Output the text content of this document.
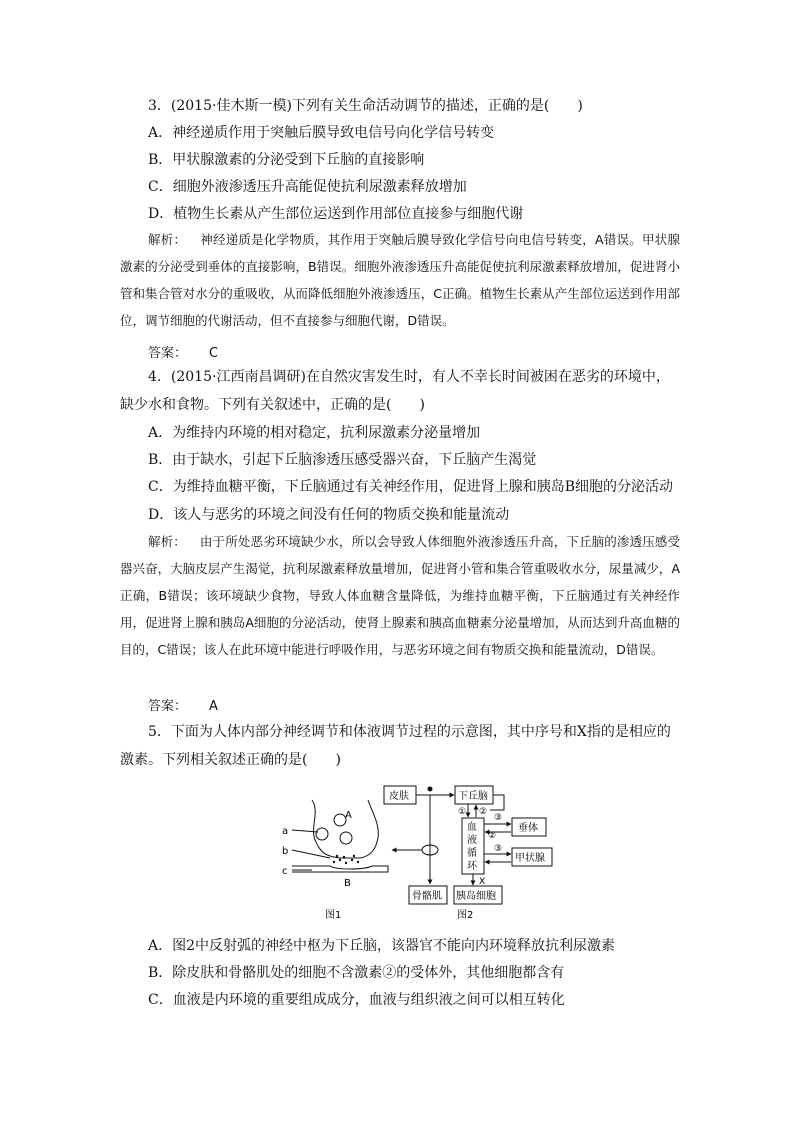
3．(2015·佳木斯一模)下列有关生命活动调节的描述，正确的是(　　)
A．神经递质作用于突触后膜导致电信号向化学信号转变
B．甲状腺激素的分泌受到下丘脑的直接影响
C．细胞外液渗透压升高能促使抗利尿激素释放增加
D．植物生长素从产生部位运送到作用部位直接参与细胞代谢
解析： 神经递质是化学物质，其作用于突触后膜导致化学信号向电信号转变，A错误。甲状腺激素的分泌受到垂体的直接影响，B错误。细胞外液渗透压升高能促使抗利尿激素释放增加，促进肾小管和集合管对水分的重吸收，从而降低细胞外液渗透压，C正确。植物生长素从产生部位运送到作用部位，调节细胞的代谢活动，但不直接参与细胞代谢，D错误。
答案： C
4．(2015·江西南昌调研)在自然灾害发生时，有人不幸长时间被困在恶劣的环境中，缺少水和食物。下列有关叙述中，正确的是(　　)
A．为维持内环境的相对稳定，抗利尿激素分泌量增加
B．由于缺水，引起下丘脑渗透压感受器兴奋，下丘脑产生渴觉
C．为维持血糖平衡，下丘脑通过有关神经作用，促进肾上腺和胰岛B细胞的分泌活动
D．该人与恶劣的环境之间没有任何的物质交换和能量流动
解析： 由于所处恶劣环境缺少水，所以会导致人体细胞外液渗透压升高，下丘脑的渗透压感受器兴奋，大脑皮层产生渴觉，抗利尿激素释放量增加，促进肾小管和集合管重吸收水分，尿量减少，A正确，B错误；该环境缺少食物，导致人体血糖含量降低，为维持血糖平衡，下丘脑通过有关神经作用，促进肾上腺和胰岛A细胞的分泌活动，使肾上腺素和胰高血糖素分泌量增加，从而达到升高血糖的目的，C错误；该人在此环境中能进行呼吸作用，与恶劣环境之间有物质交换和能量流动，D错误。
答案： A
5．下面为人体内部分神经调节和体液调节过程的示意图，其中序号和X指的是相应的激素。下列相关叙述正确的是(　　)
a
b
c
A
B
图1
皮肤	下丘脑
血
液
循
环
垂体
甲状腺
骨骼肌 胰岛细胞
X
① ②
③
②
③
图2
A．图2中反射弧的神经中枢为下丘脑，该器官不能向内环境释放抗利尿激素
B．除皮肤和骨骼肌处的细胞不含激素②的受体外，其他细胞都含有
C．血液是内环境的重要组成成分，血液与组织液之间可以相互转化
